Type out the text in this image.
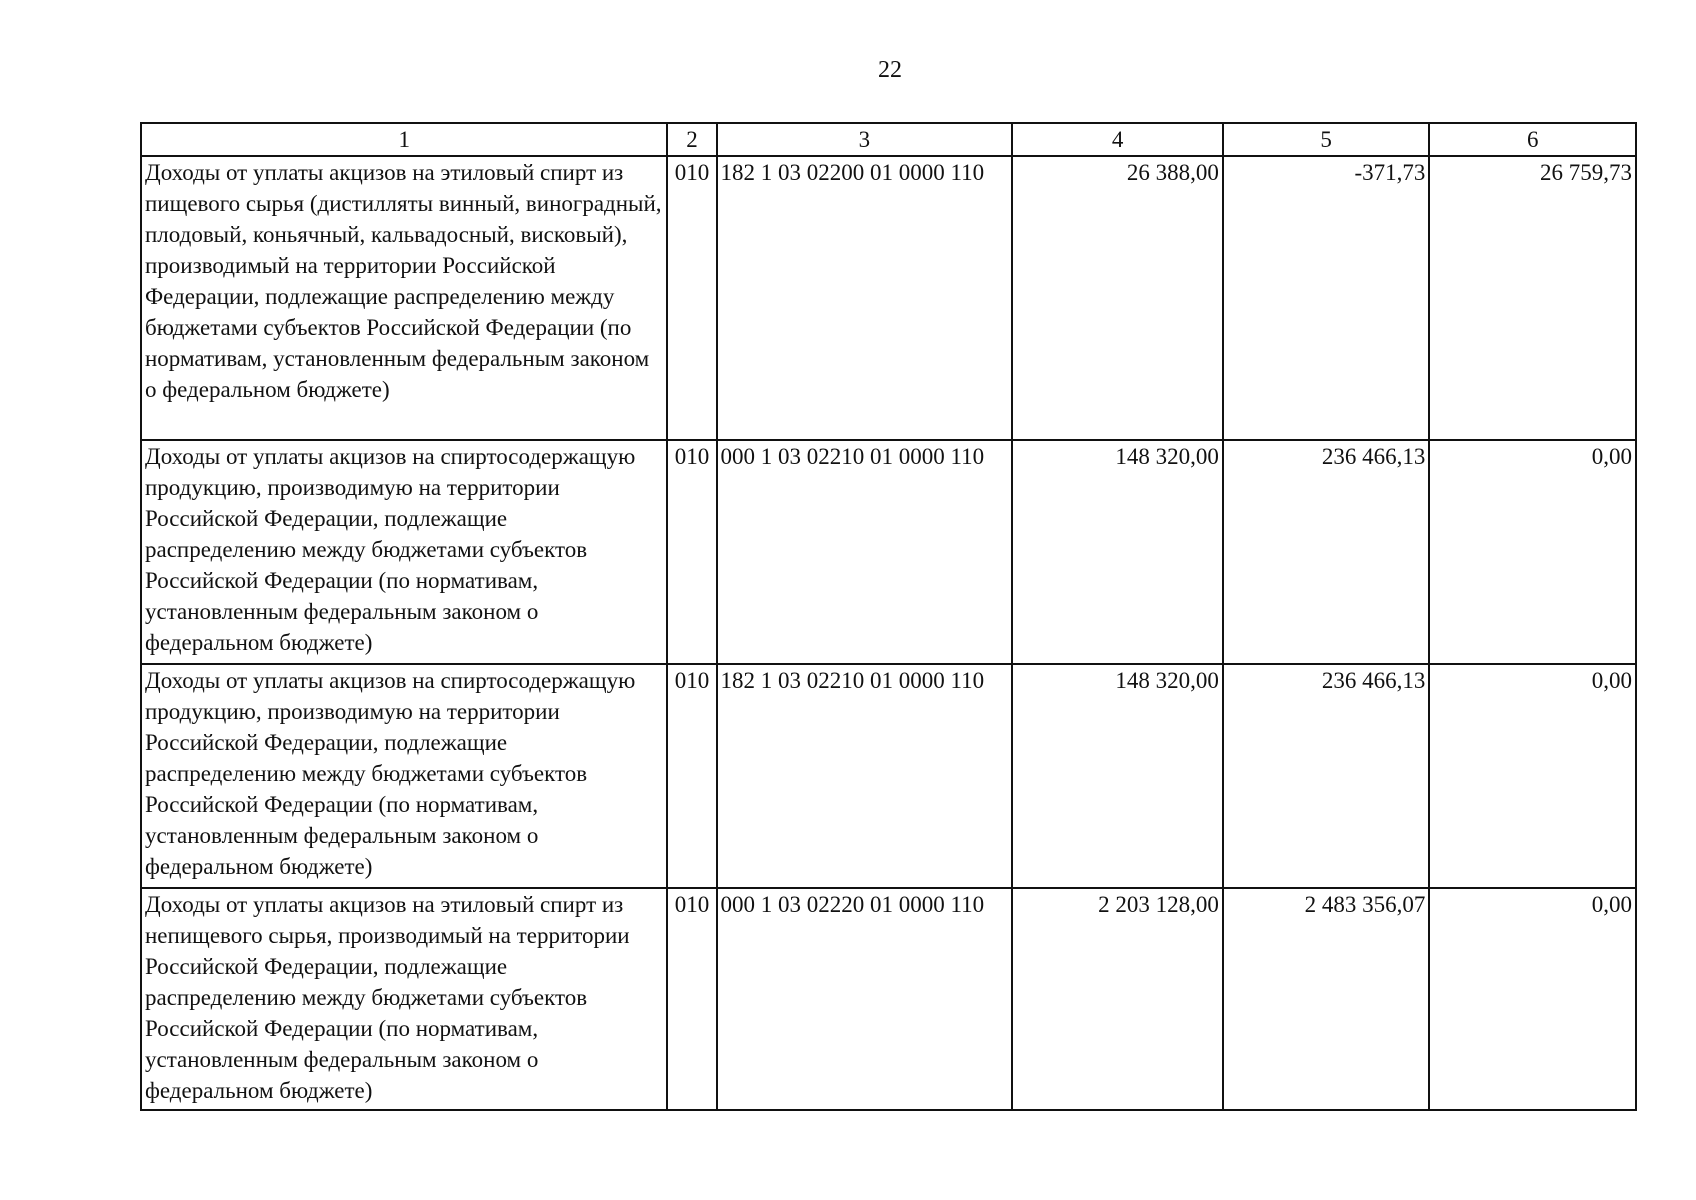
22
1	2	3	4	5	6
Доходы от уплаты акцизов на этиловый спирт из пищевого сырья (дистилляты винный, виноградный, плодовый, коньячный, кальвадосный, висковый), производимый на территории Российской Федерации, подлежащие распределению между бюджетами субъектов Российской Федерации (по нормативам, установленным федеральным законом о федеральном бюджете)	010	182 1 03 02200 01 0000 110	26 388,00	-371,73	26 759,73
Доходы от уплаты акцизов на спиртосодержащую продукцию, производимую на территории Российской Федерации, подлежащие распределению между бюджетами субъектов Российской Федерации (по нормативам, установленным федеральным законом о федеральном бюджете)	010	000 1 03 02210 01 0000 110	148 320,00	236 466,13	0,00
Доходы от уплаты акцизов на спиртосодержащую продукцию, производимую на территории Российской Федерации, подлежащие распределению между бюджетами субъектов Российской Федерации (по нормативам, установленным федеральным законом о федеральном бюджете)	010	182 1 03 02210 01 0000 110	148 320,00	236 466,13	0,00
Доходы от уплаты акцизов на этиловый спирт из непищевого сырья, производимый на территории Российской Федерации, подлежащие распределению между бюджетами субъектов Российской Федерации (по нормативам, установленным федеральным законом о федеральном бюджете)	010	000 1 03 02220 01 0000 110	2 203 128,00	2 483 356,07	0,00
